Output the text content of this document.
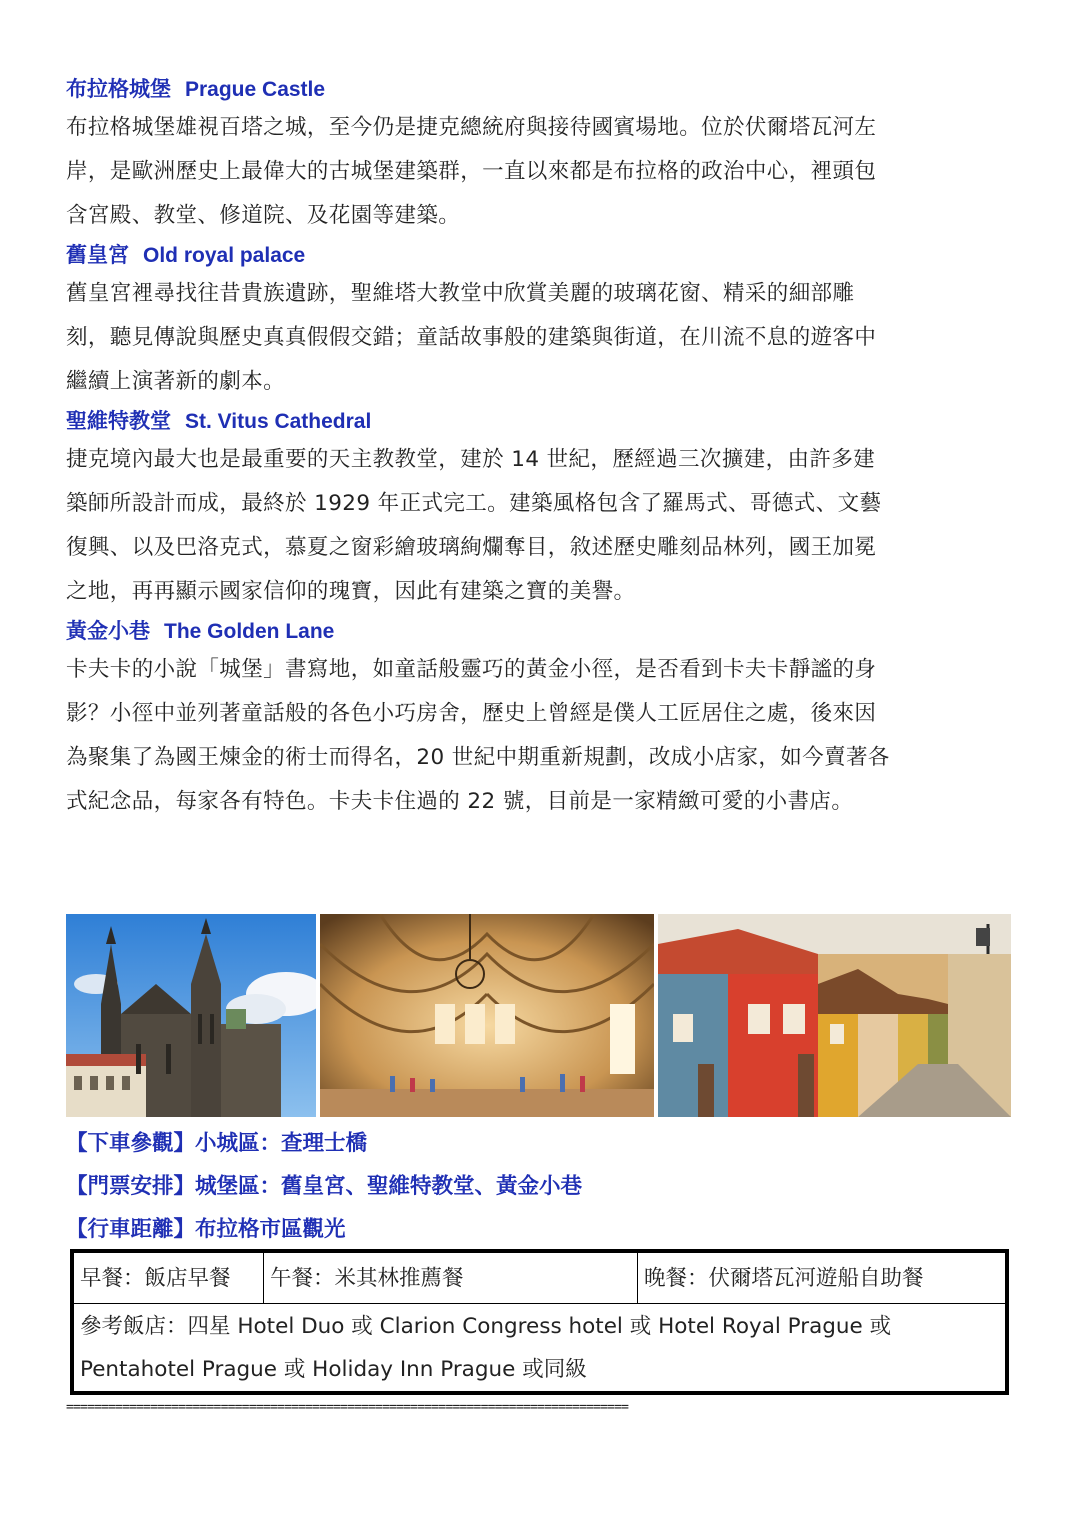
布拉格城堡 Prague Castle
布拉格城堡雄視百塔之城，至今仍是捷克總統府與接待國賓場地。位於伏爾塔瓦河左
岸，是歐洲歷史上最偉大的古城堡建築群，一直以來都是布拉格的政治中心，裡頭包
含宮殿、教堂、修道院、及花園等建築。
舊皇宮 Old royal palace
舊皇宮裡尋找往昔貴族遺跡，聖維塔大教堂中欣賞美麗的玻璃花窗、精采的細部雕
刻，聽見傳說與歷史真真假假交錯；童話故事般的建築與街道，在川流不息的遊客中
繼續上演著新的劇本。
聖維特教堂 St. Vitus Cathedral
捷克境內最大也是最重要的天主教教堂，建於 14 世紀，歷經過三次擴建，由許多建
築師所設計而成，最終於 1929 年正式完工。建築風格包含了羅馬式、哥德式、文藝
復興、以及巴洛克式，慕夏之窗彩繪玻璃絢爛奪目，敘述歷史雕刻品林列，國王加冕
之地，再再顯示國家信仰的瑰寶，因此有建築之寶的美譽。
黃金小巷 The Golden Lane
卡夫卡的小說「城堡」書寫地，如童話般靈巧的黃金小徑，是否看到卡夫卡靜謐的身
影？小徑中並列著童話般的各色小巧房舍，歷史上曾經是僕人工匠居住之處，後來因
為聚集了為國王煉金的術士而得名，20 世紀中期重新規劃，改成小店家，如今賣著各
式紀念品，每家各有特色。卡夫卡住過的 22 號，目前是一家精緻可愛的小書店。
【下車參觀】小城區：查理士橋
【門票安排】城堡區：舊皇宮、聖維特教堂、黃金小巷
【行車距離】布拉格市區觀光
早餐：飯店早餐	午餐：米其林推薦餐	晚餐：伏爾塔瓦河遊船自助餐
參考飯店：四星 Hotel Duo 或 Clarion Congress hotel 或 Hotel Royal Prague 或
Pentahotel Prague 或 Holiday Inn Prague 或同級
================================================================================
